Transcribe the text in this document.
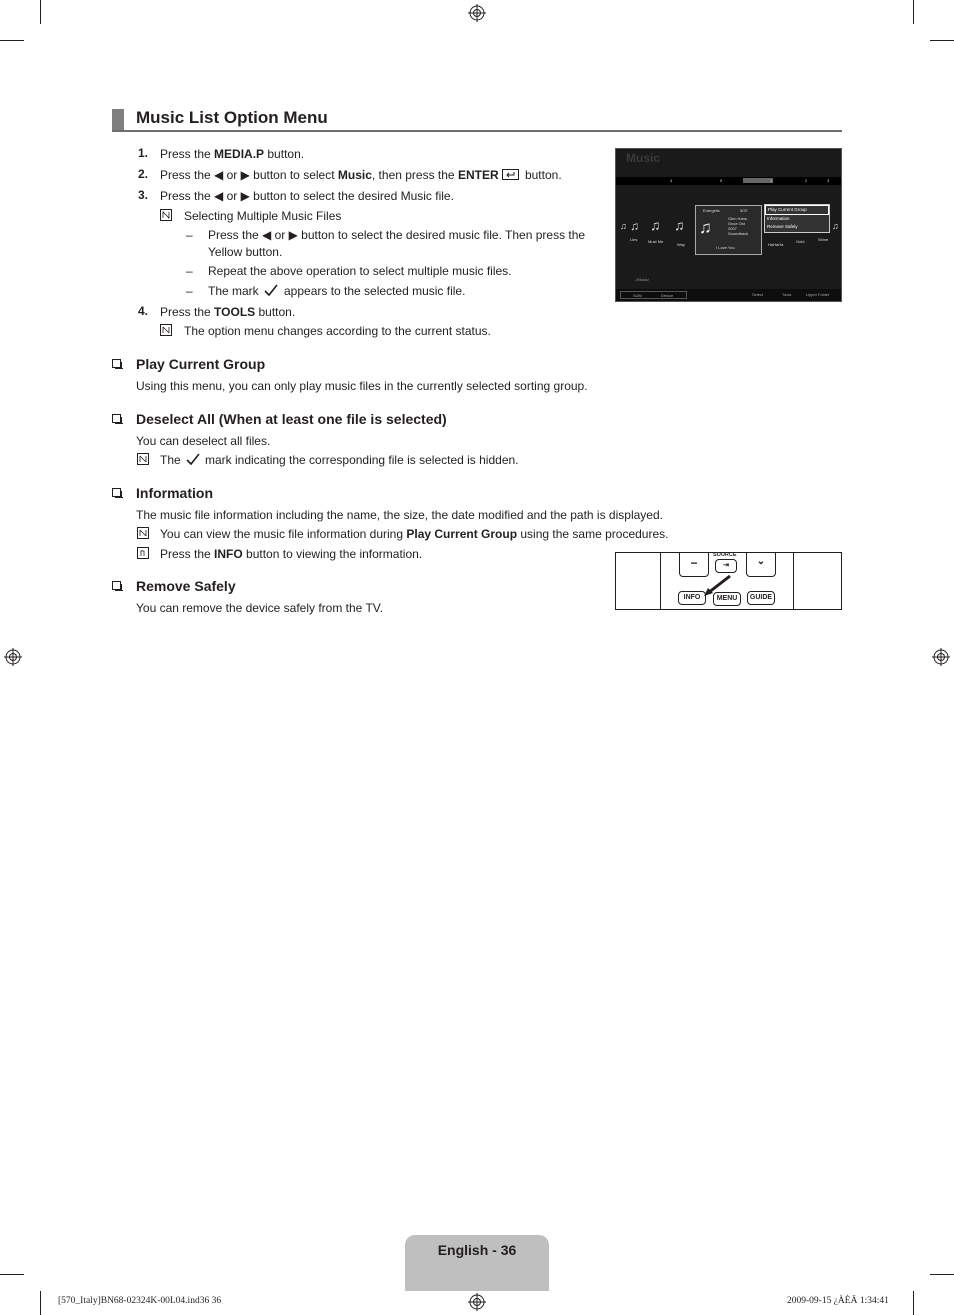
Music List Option Menu
1. Press the MEDIA.P button.
2. Press the ◀ or ▶ button to select Music, then press the ENTER button.
3. Press the ◀ or ▶ button to select the desired Music file.
Selecting Multiple Music Files
– Press the ◀ or ▶ button to select the desired music file. Then press the
Yellow button.
– Repeat the above operation to select multiple music files.
– The mark appears to the selected music file.
4. Press the TOOLS button.
The option menu changes according to the current status.
Music
4	5	1	2	3
♫ ♫ ♫ ♫ ♫
Energetic	3/37
Glen Hans
Once Ost
2007
Soundtrack
Play Current Group
Information
Remove Safely	♫
Lies	Must Me
Way
I Love You
HaHaHa
Gold	Shine
../Music/
SUM	Device	Select	Tools	Upper Folder
Play Current Group
Using this menu, you can only play music files in the currently selected sorting group.
Deselect All (When at least one file is selected)
You can deselect all files.
The mark indicating the corresponding file is selected is hidden.
Information
The music file information including the name, the size, the date modified and the path is displayed.
You can view the music file information during Play Current Group using the same procedures.
Press the INFO button to viewing the information.
−	⌄
SOURCE
⇥
INFO	MENU	GUIDE
Remove Safely
You can remove the device safely from the TV.
English - 36
[570_Italy]BN68-02324K-00L04.ind36 36	2009-09-15 ¿ÀÈÄ 1:34:41
